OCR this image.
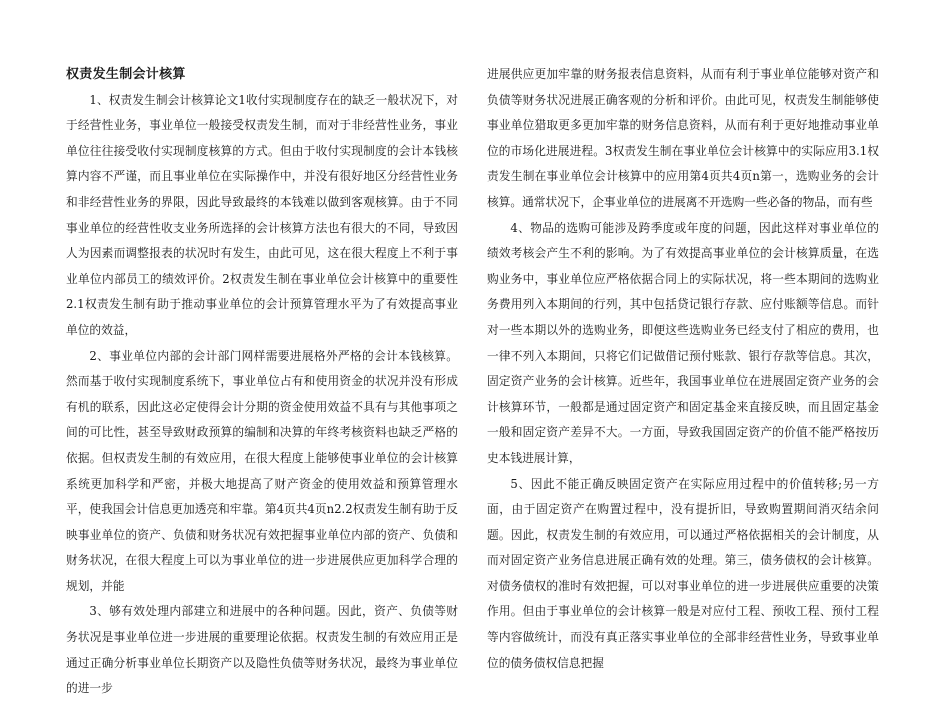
权责发生制会计核算

1、权责发生制会计核算论文1收付实现制度存在的缺乏一般状况下，对于经营性业务，事业单位一般接受权责发生制，而对于非经营性业务，事业单位往往接受收付实现制度核算的方式。但由于收付实现制度的会计本钱核算内容不严谨，而且事业单位在实际操作中，并没有很好地区分经营性业务和非经营性业务的界限，因此导致最终的本钱难以做到客观核算。由于不同事业单位的经营性收支业务所选择的会计核算方法也有很大的不同，导致因人为因素而调整报表的状况时有发生，由此可见，这在很大程度上不利于事业单位内部员工的绩效评价。2权责发生制在事业单位会计核算中的重要性2.1权责发生制有助于推动事业单位的会计预算管理水平为了有效提高事业单位的效益，

2、事业单位内部的会计部门网样需要进展格外严格的会计本钱核算。然而基于收付实现制度系统下，事业单位占有和使用资金的状况并没有形成有机的联系，因此这必定使得会计分期的资金使用效益不具有与其他事项之间的可比性，甚至导致财政预算的编制和决算的年终考核资料也缺乏严格的依据。但权责发生制的有效应用，在很大程度上能够使事业单位的会计核算系统更加科学和严密，并极大地提高了财产资金的使用效益和预算管理水平，使我国会计信息更加透亮和牢靠。第4页共4页n2.2权责发生制有助于反映事业单位的资产、负债和财务状况有效把握事业单位内部的资产、负债和财务状况，在很大程度上可以为事业单位的进一步进展供应更加科学合理的规划，并能

3、够有效处理内部建立和进展中的各种问题。因此，资产、负债等财务状况是事业单位进一步进展的重要理论依据。权责发生制的有效应用正是通过正确分析事业单位长期资产以及隐性负债等财务状况，最终为事业单位的进一步

进展供应更加牢靠的财务报表信息资料，从而有利于事业单位能够对资产和负债等财务状况进展正确客观的分析和评价。由此可见，权责发生制能够使事业单位猎取更多更加牢靠的财务信息资料，从而有利于更好地推动事业单位的市场化进展进程。3权责发生制在事业单位会计核算中的实际应用3.1权责发生制在事业单位会计核算中的应用第4页共4页n第一，选购业务的会计核算。通常状况下，企事业单位的进展离不开选购一些必备的物品，而有些

4、物品的选购可能涉及跨季度或年度的问题，因此这样对事业单位的绩效考核会产生不利的影响。为了有效提高事业单位的会计核算质量，在选购业务中，事业单位应严格依据合同上的实际状况，将一些本期间的选购业务费用列入本期间的行列，其中包括贷记银行存款、应付账额等信息。而针对一些本期以外的选购业务，即便这些选购业务已经支付了相应的费用，也一律不列入本期间，只将它们记做借记预付账款、银行存款等信息。其次，固定资产业务的会计核算。近些年，我国事业单位在进展固定资产业务的会计核算环节，一般都是通过固定资产和固定基金来直接反映，而且固定基金一般和固定资产差异不大。一方面，导致我国固定资产的价值不能严格按历史本钱进展计算，

5、因此不能正确反映固定资产在实际应用过程中的价值转移;另一方面，由于固定资产在购置过程中，没有提折旧，导致购置期间消灭结余问题。因此，权责发生制的有效应用，可以通过严格依据相关的会计制度，从而对固定资产业务信息进展正确有效的处理。第三，债务债权的会计核算。对债务债权的准时有效把握，可以对事业单位的进一步进展供应重要的决策作用。但由于事业单位的会计核算一般是对应付工程、预收工程、预付工程等内容做统计，而没有真正落实事业单位的全部非经营性业务，导致事业单位的债务债权信息把握
